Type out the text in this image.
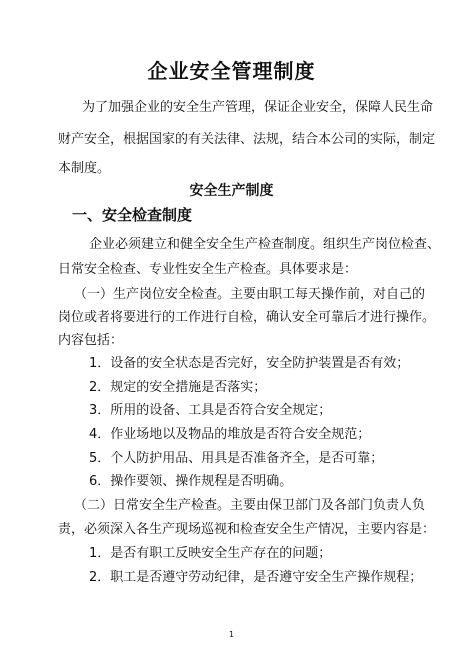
企业安全管理制度
为了加强企业的安全生产管理，保证企业安全，保障人民生命
财产安全，根据国家的有关法律、法规，结合本公司的实际，制定
本制度。
安全生产制度
一、安全检查制度
企业必须建立和健全安全生产检查制度。组织生产岗位检查、
日常安全检查、专业性安全生产检查。具体要求是：
（一）生产岗位安全检查。主要由职工每天操作前，对自己的
岗位或者将要进行的工作进行自检，确认安全可靠后才进行操作。
内容包括：
1．设备的安全状态是否完好，安全防护装置是否有效；
2．规定的安全措施是否落实；
3．所用的设备、工具是否符合安全规定；
4．作业场地以及物品的堆放是否符合安全规范；
5．个人防护用品、用具是否准备齐全，是否可靠；
6．操作要领、操作规程是否明确。
（二）日常安全生产检查。主要由保卫部门及各部门负责人负
责，必须深入各生产现场巡视和检查安全生产情况，主要内容是：
1．是否有职工反映安全生产存在的问题；
2．职工是否遵守劳动纪律，是否遵守安全生产操作规程；
1
